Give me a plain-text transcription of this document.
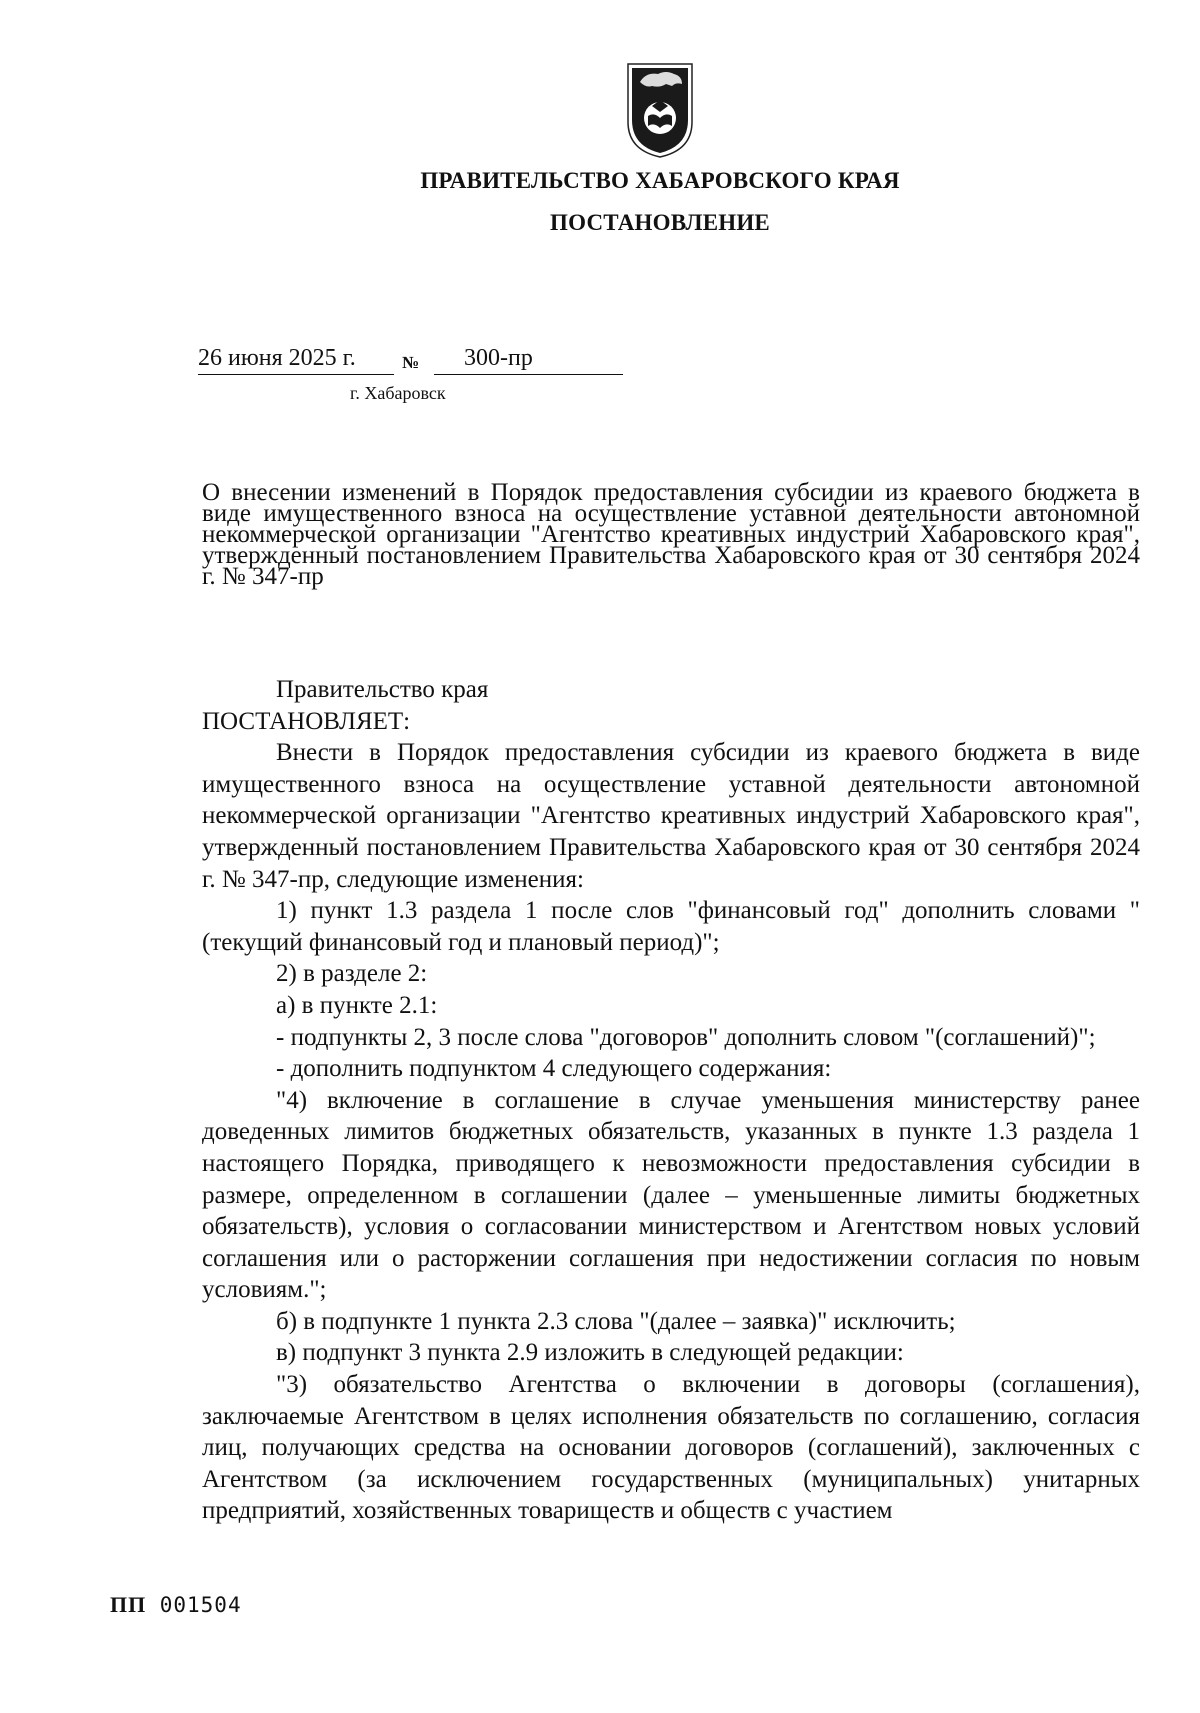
ПРАВИТЕЛЬСТВО ХАБАРОВСКОГО КРАЯ
ПОСТАНОВЛЕНИЕ
26 июня 2025 г.	№	300-пр
г. Хабаровск
О внесении изменений в Порядок предоставления субсидии из краевого бюджета в виде имущественного взноса на осуществление уставной деятельности автономной некоммерческой организации "Агентство креативных индустрий Хабаровского края", утвержденный постановлением Правительства Хабаровского края от 30 сентября 2024 г. № 347-пр

Правительство края

ПОСТАНОВЛЯЕТ:

Внести в Порядок предоставления субсидии из краевого бюджета в виде имущественного взноса на осуществление уставной деятельности автономной некоммерческой организации "Агентство креативных индустрий Хабаровского края", утвержденный постановлением Правительства Хабаровского края от 30 сентября 2024 г. № 347-пр, следующие изменения:

1) пункт 1.3 раздела 1 после слов "финансовый год" дополнить словами "(текущий финансовый год и плановый период)";

2) в разделе 2:

а) в пункте 2.1:

- подпункты 2, 3 после слова "договоров" дополнить словом "(соглашений)";

- дополнить подпунктом 4 следующего содержания:

"4) включение в соглашение в случае уменьшения министерству ранее доведенных лимитов бюджетных обязательств, указанных в пункте 1.3 раздела 1 настоящего Порядка, приводящего к невозможности предоставления субсидии в размере, определенном в соглашении (далее – уменьшенные лимиты бюджетных обязательств), условия о согласовании министерством и Агентством новых условий соглашения или о расторжении соглашения при недостижении согласия по новым условиям.";

б) в подпункте 1 пункта 2.3 слова "(далее – заявка)" исключить;

в) подпункт 3 пункта 2.9 изложить в следующей редакции:

"3) обязательство Агентства о включении в договоры (соглашения), заключаемые Агентством в целях исполнения обязательств по соглашению, согласия лиц, получающих средства на основании договоров (соглашений), заключенных с Агентством (за исключением государственных (муниципальных) унитарных предприятий, хозяйственных товариществ и обществ с участием

ПП 001504
